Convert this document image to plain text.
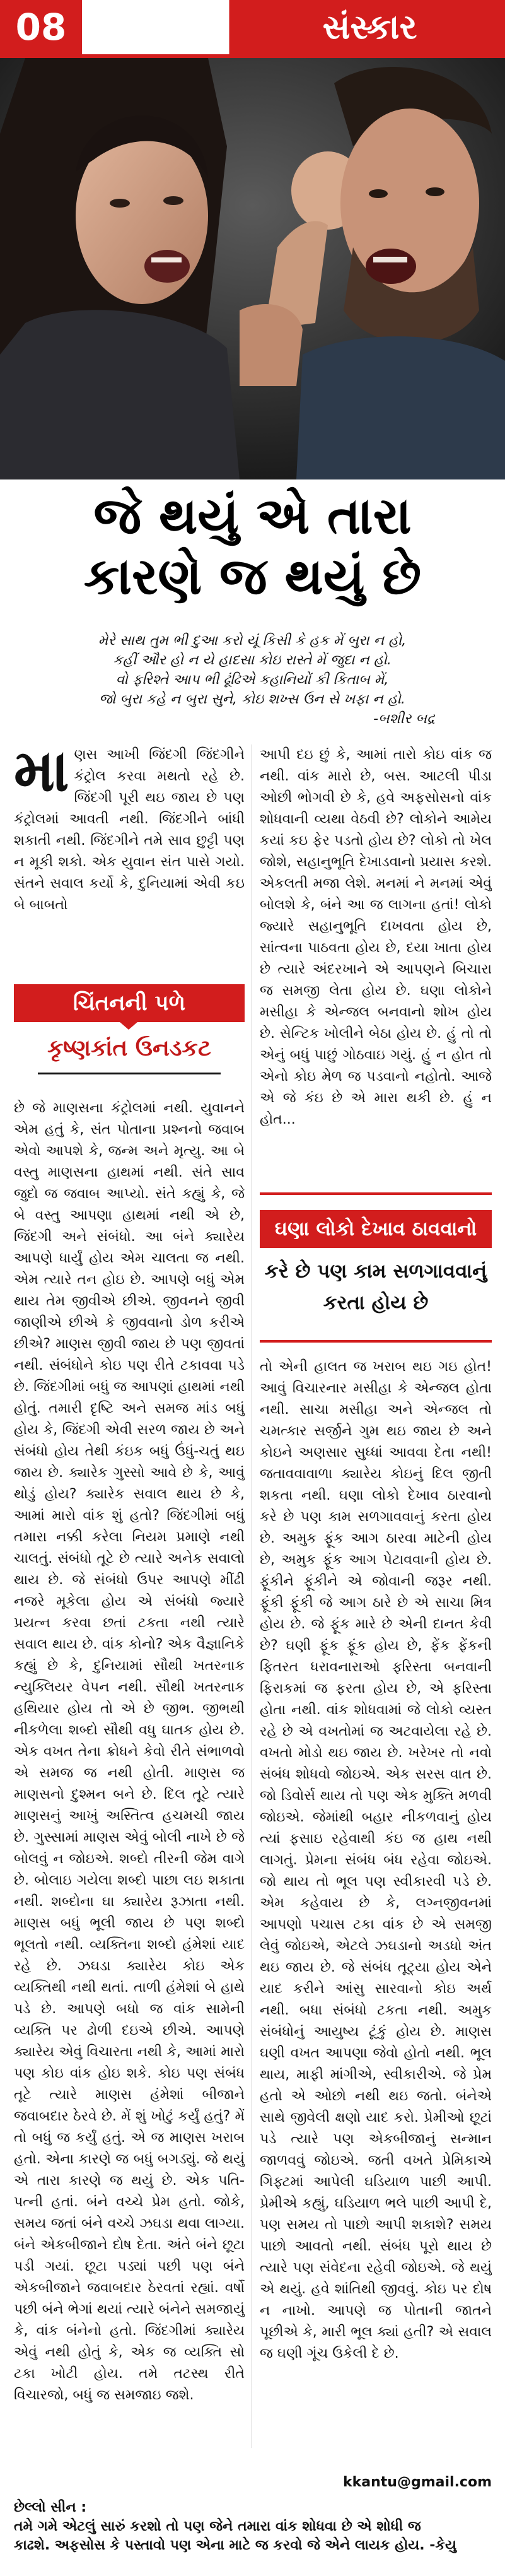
08	સંસ્કાર
જે થયું એ તારા
કારણે જ થયું છે
મેરે સાથ તુમ ભી દુઆ કરો યૂં કિસી કે હક મેં બુરા ન હો,
કહીં ઔર હો ન યે હાદસા કોઇ રાસ્તે મેં જુદા ન હો.
વો ફરિશ્તે આપ ભી ઢૂંઢિએ કહાનિયોં કી કિતાબ મેં,
જો બુરા કહે ન બુરા સુને, કોઇ શખ્સ ઉન સે ખફા ન હો.
-બશીર બદ્ર

માણસ આખી જિંદગી જિંદગીને કંટ્રોલ કરવા મથતો રહે છે. જિંદગી પૂરી થઇ જાય છે પણ કંટ્રોલમાં આવતી નથી. જિંદગીને બાંધી શકાતી નથી. જિંદગીને તમે સાવ છુટ્ટી પણ ન મૂકી શકો. એક યુવાન સંત પાસે ગયો. સંતને સવાલ કર્યો કે, દુનિયામાં એવી કઇ બે બાબતો

ચિંતનની પળે
કૃષ્ણકાંત ઉનડકટ

છે જે માણસના કંટ્રોલમાં નથી. યુવાનને એમ હતું કે, સંત પોતાના પ્રશ્નનો જવાબ એવો આપશે કે, જન્મ અને મૃત્યુ. આ બે વસ્તુ માણસના હાથમાં નથી. સંતે સાવ જુદો જ જવાબ આપ્યો. સંતે કહ્યું કે, જે બે વસ્તુ આપણા હાથમાં નથી એ છે, જિંદગી અને સંબંધો. આ બંને ક્યારેય આપણે ધાર્યું હોય એમ ચાલતા જ નથી. એમ ત્યારે તન હોઇ છે. આપણે બધું એમ થાય તેમ જીવીએ છીએ. જીવનને જીવી જાણીએ છીએ કે જીવવાનો ડોળ કરીએ છીએ? માણસ જીવી જાય છે પણ જીવતાં નથી. સંબંધોને કોઇ પણ રીતે ટકાવવા પડે છે. જિંદગીમાં બધું જ આપણાં હાથમાં નથી હોતું. તમારી દૃષ્ટિ અને સમજ માંડ બધું હોય કે, જિંદગી એવી સરળ જાય છે અને સંબંધો હોય તેથી કંઇક બધું ઉંધું-ચતું થઇ જાય છે. ક્યારેક ગુસ્સો આવે છે કે, આવું થોડું હોય? ક્યારેક સવાલ થાય છે કે, આમાં મારો વાંક શું હતો? જિંદગીમાં બધું તમારા નક્કી કરેલા નિયમ પ્રમાણે નથી ચાલતું. સંબંધો તૂટે છે ત્યારે અનેક સવાલો થાય છે. જે સંબંધો ઉપર આપણે મીંઢી નજરે મૂકેલા હોય એ સંબંધો જ્યારે પ્રયત્ન કરવા છતાં ટકતા નથી ત્યારે સવાલ થાય છે. વાંક કોનો? એક વૈજ્ઞાનિકે કહ્યું છે કે, દુનિયામાં સૌથી ખતરનાક ન્યુક્લિયર વેપન નથી. સૌથી ખતરનાક હથિયાર હોય તો એ છે જીભ. જીભથી નીકળેલા શબ્દો સૌથી વધુ ઘાતક હોય છે. એક વખત તેના ક્રોધને કેવો રીતે સંભાળવો એ સમજ જ નથી હોતી. માણસ જ માણસનો દુશ્મન બને છે. દિલ તૂટે ત્યારે માણસનું આખું અસ્તિત્વ હચમચી જાય છે. ગુસ્સામાં માણસ એવું બોલી નાખે છે જે બોલવું ન જોઇએ. શબ્દો તીરની જેમ વાગે છે. બોલાઇ ગયેલા શબ્દો પાછા લઇ શકાતા નથી. શબ્દોના ઘા ક્યારેય રૂઝાતા નથી. માણસ બધું ભૂલી જાય છે પણ શબ્દો ભૂલતો નથી. વ્યક્તિના શબ્દો હંમેશાં યાદ રહે છે. ઝઘડા ક્યારેય કોઇ એક વ્યક્તિથી નથી થતાં. તાળી હંમેશાં બે હાથે પડે છે. આપણે બધો જ વાંક સામેની વ્યક્તિ પર ઢોળી દઇએ છીએ. આપણે ક્યારેય એવું વિચારતા નથી કે, આમાં મારો પણ કોઇ વાંક હોઇ શકે. કોઇ પણ સંબંધ તૂટે ત્યારે માણસ હંમેશાં બીજાને જવાબદાર ઠેરવે છે. મેં શું ખોટું કર્યું હતું? મેં તો બધું જ કર્યું હતું. એ જ માણસ ખરાબ હતો. એના કારણે જ બધું બગડ્યું. જે થયું એ તારા કારણે જ થયું છે. એક પતિ-પત્ની હતાં. બંને વચ્ચે પ્રેમ હતો. જોકે, સમય જતાં બંને વચ્ચે ઝઘડા થવા લાગ્યા. બંને એકબીજાને દોષ દેતા. અંતે બંને છૂટા પડી ગયાં. છૂટા પડ્યાં પછી પણ બંને એકબીજાને જવાબદાર ઠેરવતાં રહ્યાં. વર્ષો પછી બંને ભેગાં થયાં ત્યારે બંનેને સમજાયું કે, વાંક બંનેનો હતો. જિંદગીમાં ક્યારેય એવું નથી હોતું કે, એક જ વ્યક્તિ સો ટકા ખોટી હોય. તમે તટસ્થ રીતે વિચારજો, બધું જ સમજાઇ જશે.

આપી દઇ છું કે, આમાં તારો કોઇ વાંક જ નથી. વાંક મારો છે, બસ. આટલી પીડા ઓછી ભોગવી છે કે, હવે અફસોસનો વાંક શોધવાની વ્યથા વેઠવી છે? લોકોને આમેય કયાં કઇ ફેર પડતો હોય છે? લોકો તો ખેલ જોશે, સહાનુભૂતિ દેખાડવાનો પ્રયાસ કરશે. એકલતી મજા લેશે. મનમાં ને મનમાં એવું બોલશે કે, બંને આ જ લાગના હતાં! લોકો જ્યારે સહાનુભૂતિ દાખવતા હોય છે, સાંત્વના પાઠવતા હોય છે, દયા ખાતા હોય છે ત્યારે અંદરખાને એ આપણને બિચારા જ સમજી લેતા હોય છે. ઘણા લોકોને મસીહા કે એન્જલ બનવાનો શોખ હોય છે. સેન્ટિક ખોલીને બેઠા હોય છે. હું તો તો એનું બધું પાછું ગોઠવાઇ ગયું. હું ન હોત તો એનો કોઇ મેળ જ પડવાનો નહોતો. આજે એ જે કંઇ છે એ મારા થકી છે. હું ન હોત...

ઘણા લોકો દેખાવ ઠાવવાનો
કરે છે પણ કામ સળગાવવાનું
કરતા હોય છે

તો એની હાલત જ ખરાબ થઇ ગઇ હોત! આવું વિચારનાર મસીહા કે એન્જલ હોતા નથી. સાચા મસીહા અને એન્જલ તો ચમત્કાર સર્જીને ગુમ થઇ જાય છે અને કોઇને અણસાર સુધ્ધાં આવવા દેતા નથી! જતાવવાવાળા ક્યારેય કોઇનું દિલ જીતી શકતા નથી. ઘણા લોકો દેખાવ ઠારવાનો કરે છે પણ કામ સળગાવવાનું કરતા હોય છે. અમુક ફૂંક આગ ઠારવા માટેની હોય છે, અમુક ફૂંક આગ પેટાવવાની હોય છે. ફૂંકીને ફૂંકીને એ જોવાની જરૂર નથી. ફૂંકી ફૂંકી જે આગ ઠારે છે એ સાચા મિત્ર હોય છે. જે ફૂંક મારે છે એની દાનત કેવી છે? ઘણી ફૂંક ફૂંક હોય છે, ફેંક ફેંકની ફિતરત ધરાવનારાઓ ફરિસ્તા બનવાની ફિરાકમાં જ ફરતા હોય છે, એ ફરિસ્તા હોતા નથી. વાંક શોધવામાં જે લોકો વ્યસ્ત રહે છે એ વખતોમાં જ અટવાયેલા રહે છે. વખતો મોડો થઇ જાય છે. ખરેખર તો નવો સંબંધ શોધવો જોઇએ. એક સરસ વાત છે. જો ડિવોર્સ થાય તો પણ એક મુક્તિ મળવી જોઇએ. જેમાંથી બહાર નીકળવાનું હોય ત્યાં ફસાઇ રહેવાથી કંઇ જ હાથ નથી લાગતું. પ્રેમના સંબંધ બંધ રહેવા જોઇએ. જો થાય તો ભૂલ પણ સ્વીકારવી પડે છે. એમ કહેવાય છે કે, લગ્નજીવનમાં આપણો પચાસ ટકા વાંક છે એ સમજી લેવું જોઇએ, એટલે ઝઘડાનો અડધો અંત થઇ જાય છે. જે સંબંધ તૂટ્યા હોય એને યાદ કરીને આંસુ સારવાનો કોઇ અર્થ નથી. બધા સંબંધો ટકતા નથી. અમુક સંબંધોનું આયુષ્ય ટૂંકું હોય છે. માણસ ઘણી વખત આપણા જેવો હોતો નથી. ભૂલ થાય, માફી માંગીએ, સ્વીકારીએ. જે પ્રેમ હતો એ ઓછો નથી થઇ જતો. બંનેએ સાથે જીવેલી ક્ષણો યાદ કરો. પ્રેમીઓ છૂટાં પડે ત્યારે પણ એકબીજાનું સન્માન જાળવવું જોઇએ. જતી વખતે પ્રેમિકાએ ગિફ્ટમાં આપેલી ઘડિયાળ પાછી આપી. પ્રેમીએ કહ્યું, ઘડિયાળ ભલે પાછી આપી દે, પણ સમય તો પાછો આપી શકાશે? સમય પાછો આવતો નથી. સંબંધ પૂરો થાય છે ત્યારે પણ સંવેદના રહેવી જોઇએ. જે થયું એ થયું. હવે શાંતિથી જીવવું. કોઇ પર દોષ ન નાખો. આપણે જ પોતાની જાતને પૂછીએ કે, મારી ભૂલ ક્યાં હતી? એ સવાલ જ ઘણી ગૂંચ ઉકેલી દે છે.

kkantu@gmail.com
છેલ્લો સીન :
તમે ગમે એટલું સારું કરશો તો પણ જેને તમારા વાંક શોધવા છે એ શોધી જ
કાઢશે. અફસોસ કે પસ્તાવો પણ એના માટે જ કરવો જે એને લાયક હોય. -કેયુ
